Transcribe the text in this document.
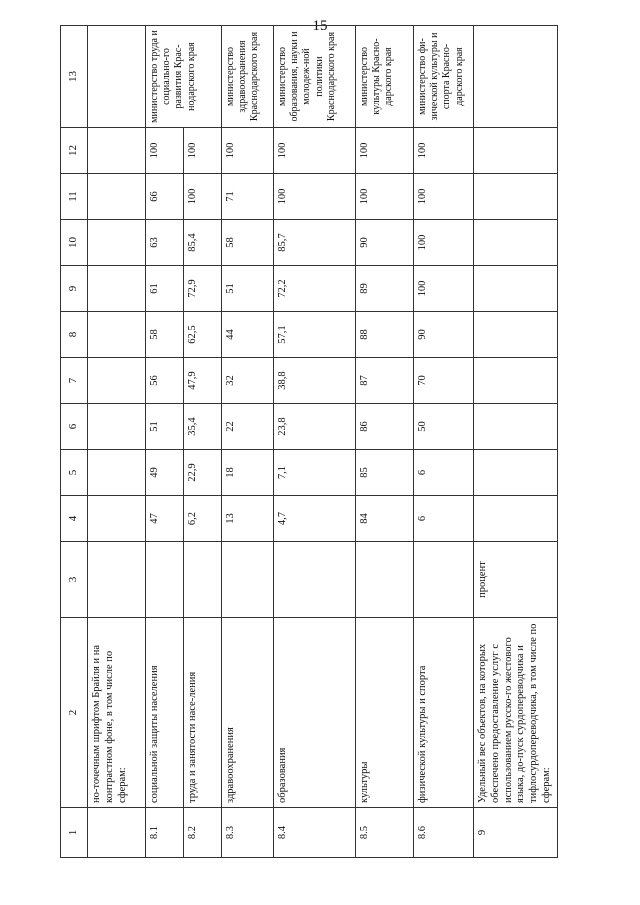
15
1	2	3	4	5	6	7	8	9	10	11	12	13
	но-точечным шрифтом Брайля и на контрастном фоне, в том числе по сферам:											
8.1	социальной защиты населения		47	49	51	56	58	61	63	66	100	министерство труда и социально-го развития Крас-нодарского края
8.2	труда и занятости насе-ления		6,2	22,9	35,4	47,9	62,5	72,9	85,4	100	100	
8.3	здравоохранения		13	18	22	32	44	51	58	71	100	министерство здравоохранения Краснодарского края
8.4	образования		4,7	7,1	23,8	38,8	57,1	72,2	85,7	100	100	министерство образования, науки и молодеж-ной политики Краснодарского края
8.5	культуры		84	85	86	87	88	89	90	100	100	министерство культуры Красно-дарского края
8.6	физической культуры и спорта		6	6	50	70	90	100	100	100	100	министерство фи-зической культуры и спорта Красно-дарского края
9	Удельный вес объектов, на которых обеспечено предоставление услуг с использованием русско-го жестового языка, до-пуск сурдопереводчика и тифлосурдопереводчика, в том числе по сферам:	процент										
